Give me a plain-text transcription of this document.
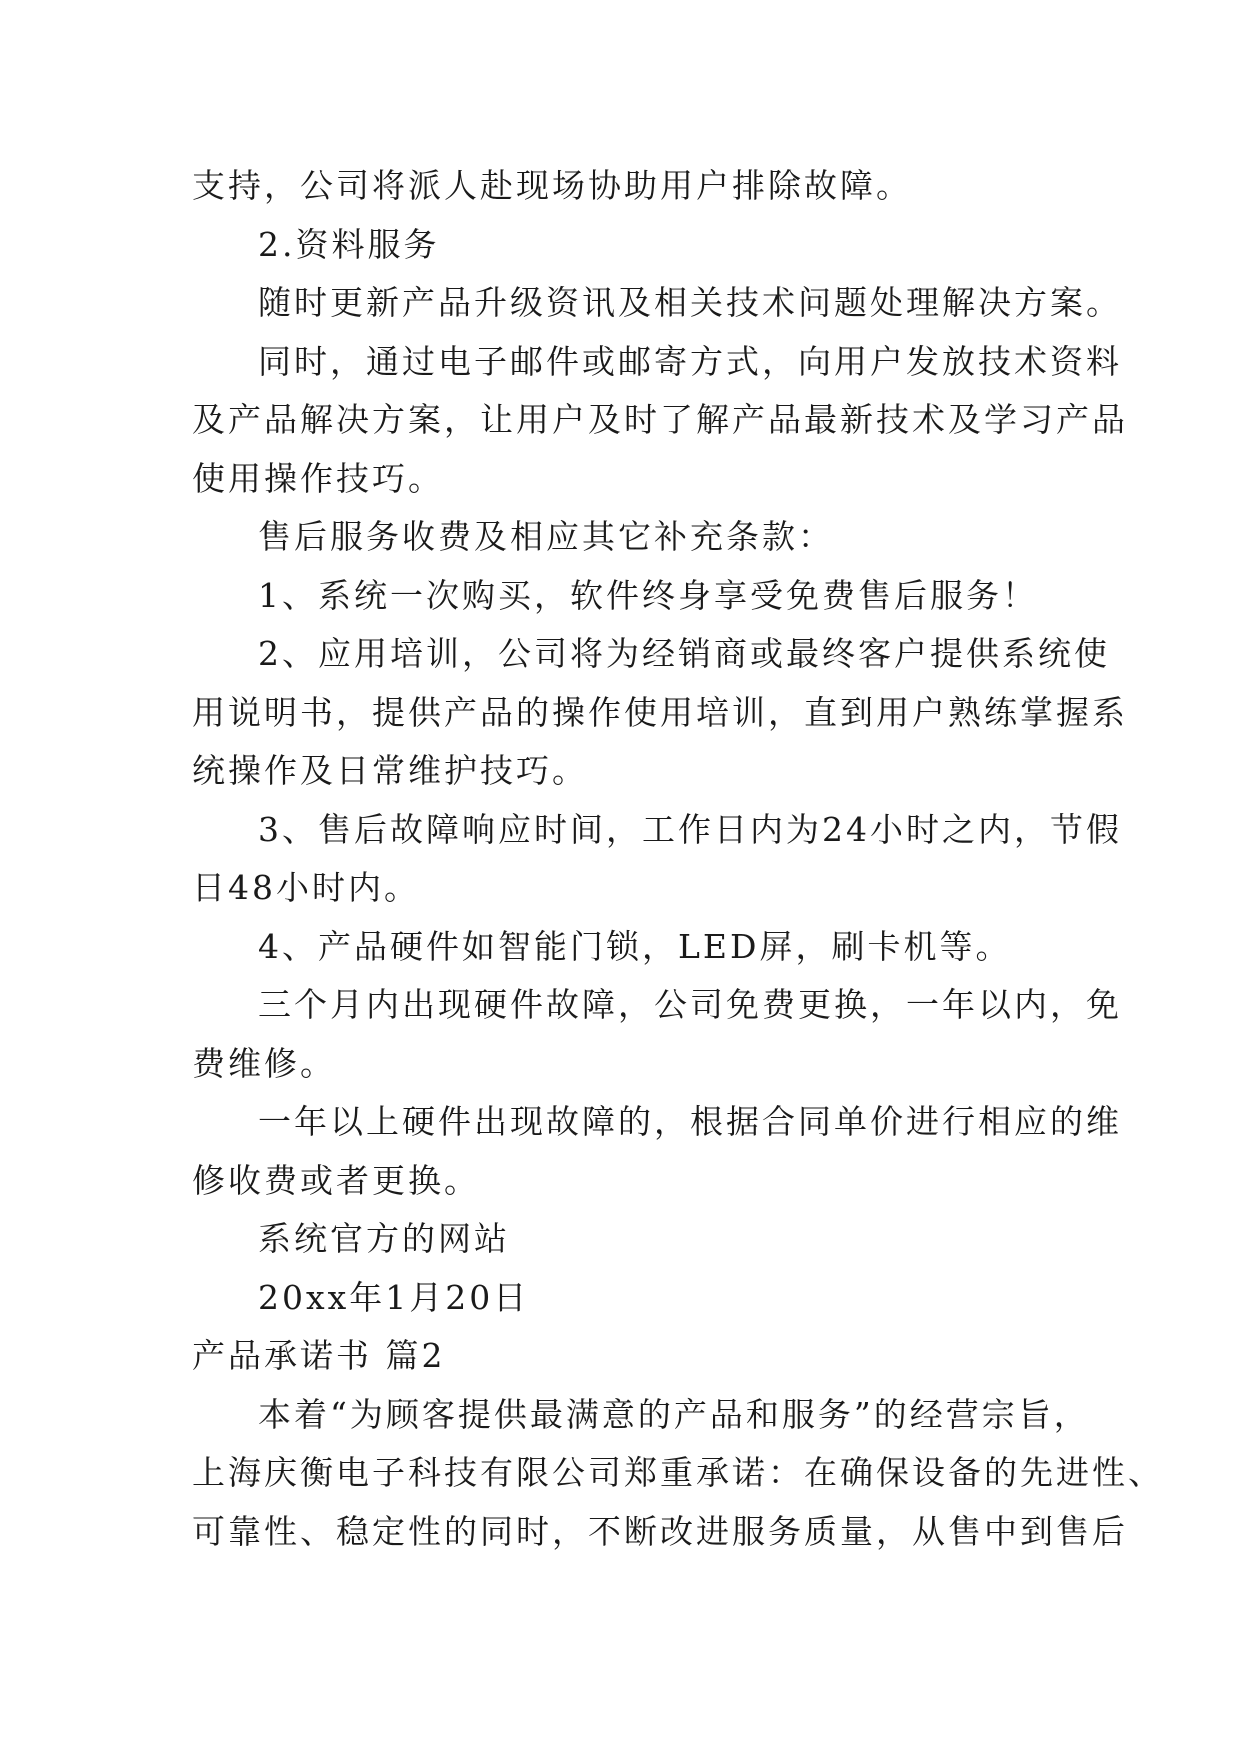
支持，公司将派人赴现场协助用户排除故障。
2.资料服务
随时更新产品升级资讯及相关技术问题处理解决方案。
同时，通过电子邮件或邮寄方式，向用户发放技术资料
及产品解决方案，让用户及时了解产品最新技术及学习产品
使用操作技巧。
售后服务收费及相应其它补充条款：
1、系统一次购买，软件终身享受免费售后服务！
2、应用培训，公司将为经销商或最终客户提供系统使
用说明书，提供产品的操作使用培训，直到用户熟练掌握系
统操作及日常维护技巧。
3、售后故障响应时间，工作日内为24小时之内，节假
日48小时内。
4、产品硬件如智能门锁，LED屏，刷卡机等。
三个月内出现硬件故障，公司免费更换，一年以内，免
费维修。
一年以上硬件出现故障的，根据合同单价进行相应的维
修收费或者更换。
系统官方的网站
20xx年1月20日
产品承诺书 篇2
本着“为顾客提供最满意的产品和服务”的经营宗旨，
上海庆衡电子科技有限公司郑重承诺：在确保设备的先进性、
可靠性、稳定性的同时，不断改进服务质量，从售中到售后
